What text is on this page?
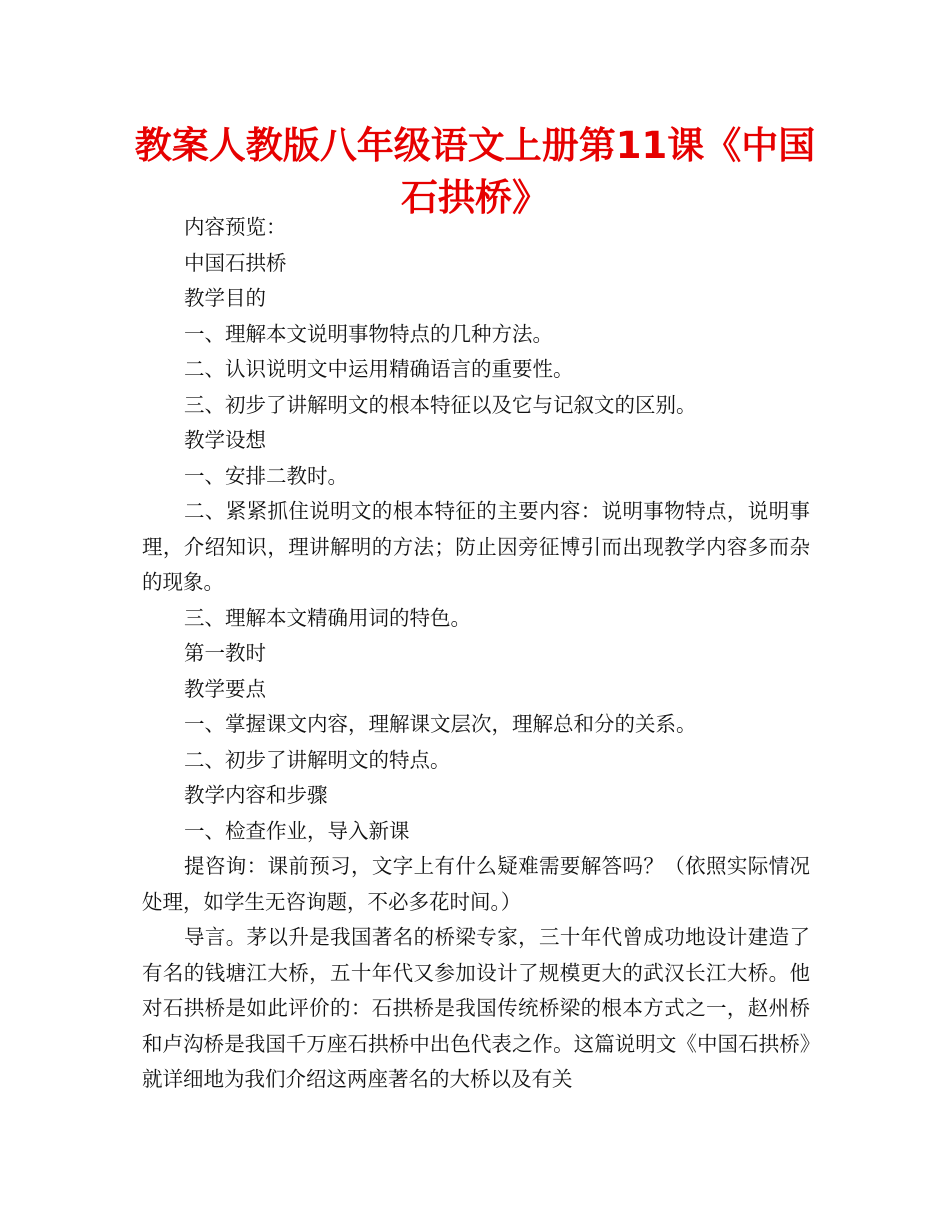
教案人教版八年级语文上册第11课《中国石拱桥》

内容预览：

中国石拱桥

教学目的

一、理解本文说明事物特点的几种方法。

二、认识说明文中运用精确语言的重要性。

三、初步了讲解明文的根本特征以及它与记叙文的区别。

教学设想

一、安排二教时。

二、紧紧抓住说明文的根本特征的主要内容：说明事物特点，说明事理，介绍知识，理讲解明的方法；防止因旁征博引而出现教学内容多而杂的现象。

三、理解本文精确用词的特色。

第一教时

教学要点

一、掌握课文内容，理解课文层次，理解总和分的关系。

二、初步了讲解明文的特点。

教学内容和步骤

一、检查作业，导入新课

提咨询：课前预习，文字上有什么疑难需要解答吗？（依照实际情况处理，如学生无咨询题，不必多花时间。）

导言。茅以升是我国著名的桥梁专家，三十年代曾成功地设计建造了有名的钱塘江大桥，五十年代又参加设计了规模更大的武汉长江大桥。他对石拱桥是如此评价的：石拱桥是我国传统桥梁的根本方式之一，赵州桥和卢沟桥是我国千万座石拱桥中出色代表之作。这篇说明文《中国石拱桥》就详细地为我们介绍这两座著名的大桥以及有关
